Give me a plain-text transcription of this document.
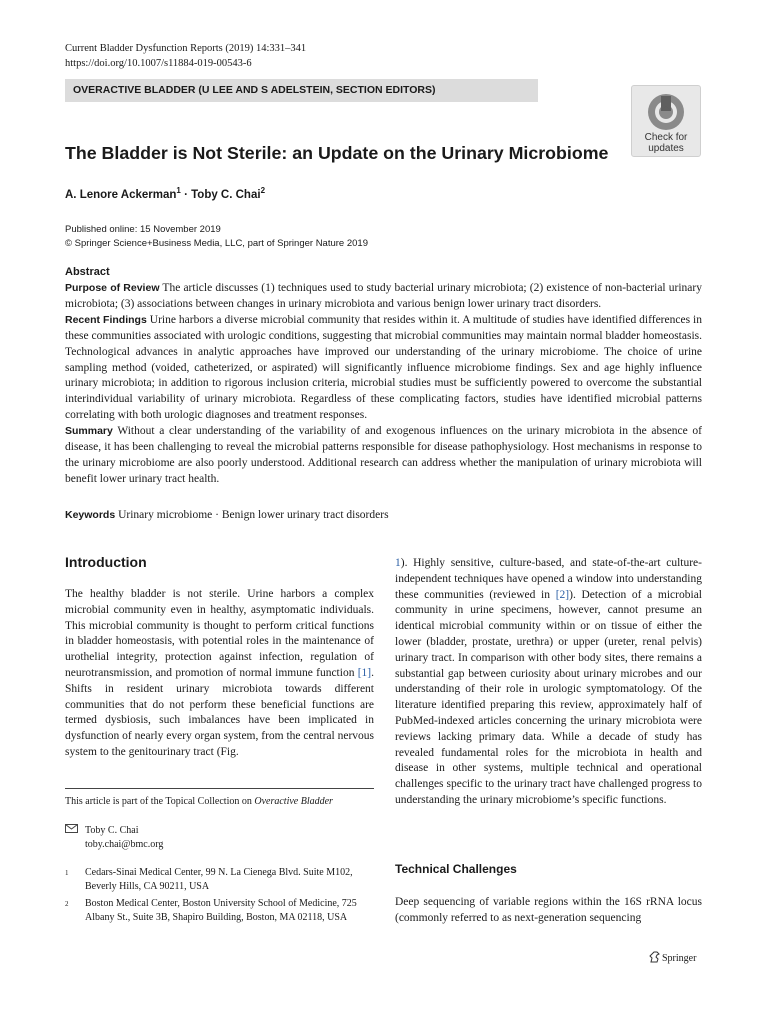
Current Bladder Dysfunction Reports (2019) 14:331–341
https://doi.org/10.1007/s11884-019-00543-6
OVERACTIVE BLADDER (U LEE AND S ADELSTEIN, SECTION EDITORS)
Check for
updates
The Bladder is Not Sterile: an Update on the Urinary Microbiome
A. Lenore Ackerman$^1$ · Toby C. Chai$^2$
Published online: 15 November 2019
© Springer Science+Business Media, LLC, part of Springer Nature 2019
Abstract

Purpose of Review The article discusses (1) techniques used to study bacterial urinary microbiota; (2) existence of non-bacterial urinary microbiota; (3) associations between changes in urinary microbiota and various benign lower urinary tract disorders.

Recent Findings Urine harbors a diverse microbial community that resides within it. A multitude of studies have identified differences in these communities associated with urologic conditions, suggesting that microbial communities may maintain normal bladder homeostasis. Technological advances in analytic approaches have improved our understanding of the urinary microbiome. The choice of urine sampling method (voided, catheterized, or aspirated) will significantly influence microbiome findings. Sex and age highly influence urinary microbiota; in addition to rigorous inclusion criteria, microbial studies must be sufficiently powered to overcome the substantial interindividual variability of urinary microbiota. Regardless of these complicating factors, studies have identified microbial patterns correlating with both urologic diagnoses and treatment responses.

Summary Without a clear understanding of the variability of and exogenous influences on the urinary microbiota in the absence of disease, it has been challenging to reveal the microbial patterns responsible for disease pathophysiology. Host mechanisms in response to the urinary microbiome are also poorly understood. Additional research can address whether the manipulation of urinary microbiota will benefit lower urinary tract health.

Keywords Urinary microbiome · Benign lower urinary tract disorders
Introduction

The healthy bladder is not sterile. Urine harbors a complex microbial community even in healthy, asymptomatic individuals. This microbial community is thought to perform critical functions in bladder homeostasis, with potential roles in the maintenance of urothelial integrity, protection against infection, regulation of neurotransmission, and promotion of normal immune function [1]. Shifts in resident urinary microbiota towards different communities that do not perform these beneficial functions are termed dysbiosis, such imbalances have been implicated in dysfunction of nearly every organ system, from the central nervous system to the genitourinary tract (Fig.

1). Highly sensitive, culture-based, and state-of-the-art culture-independent techniques have opened a window into understanding these communities (reviewed in [2]). Detection of a microbial community in urine specimens, however, cannot presume an identical microbial community within or on tissue of either the lower (bladder, prostate, urethra) or upper (ureter, renal pelvis) urinary tract. In comparison with other body sites, there remains a substantial gap between curiosity about urinary microbes and our understanding of their role in urologic symptomatology. Of the literature identified preparing this review, approximately half of PubMed-indexed articles concerning the urinary microbiota were reviews lacking primary data. While a decade of study has revealed fundamental roles for the microbiota in health and disease in other systems, multiple technical and operational challenges specific to the urinary tract have challenged progress to understanding the urinary microbiome’s specific functions.

This article is part of the Topical Collection on Overactive Bladder
Toby C. Chai
toby.chai@bmc.org
1 Cedars-Sinai Medical Center, 99 N. La Cienega Blvd. Suite M102, Beverly Hills, CA 90211, USA
2 Boston Medical Center, Boston University School of Medicine, 725 Albany St., Suite 3B, Shapiro Building, Boston, MA 02118, USA
Technical Challenges

Deep sequencing of variable regions within the 16S rRNA locus (commonly referred to as next-generation sequencing

Springer
